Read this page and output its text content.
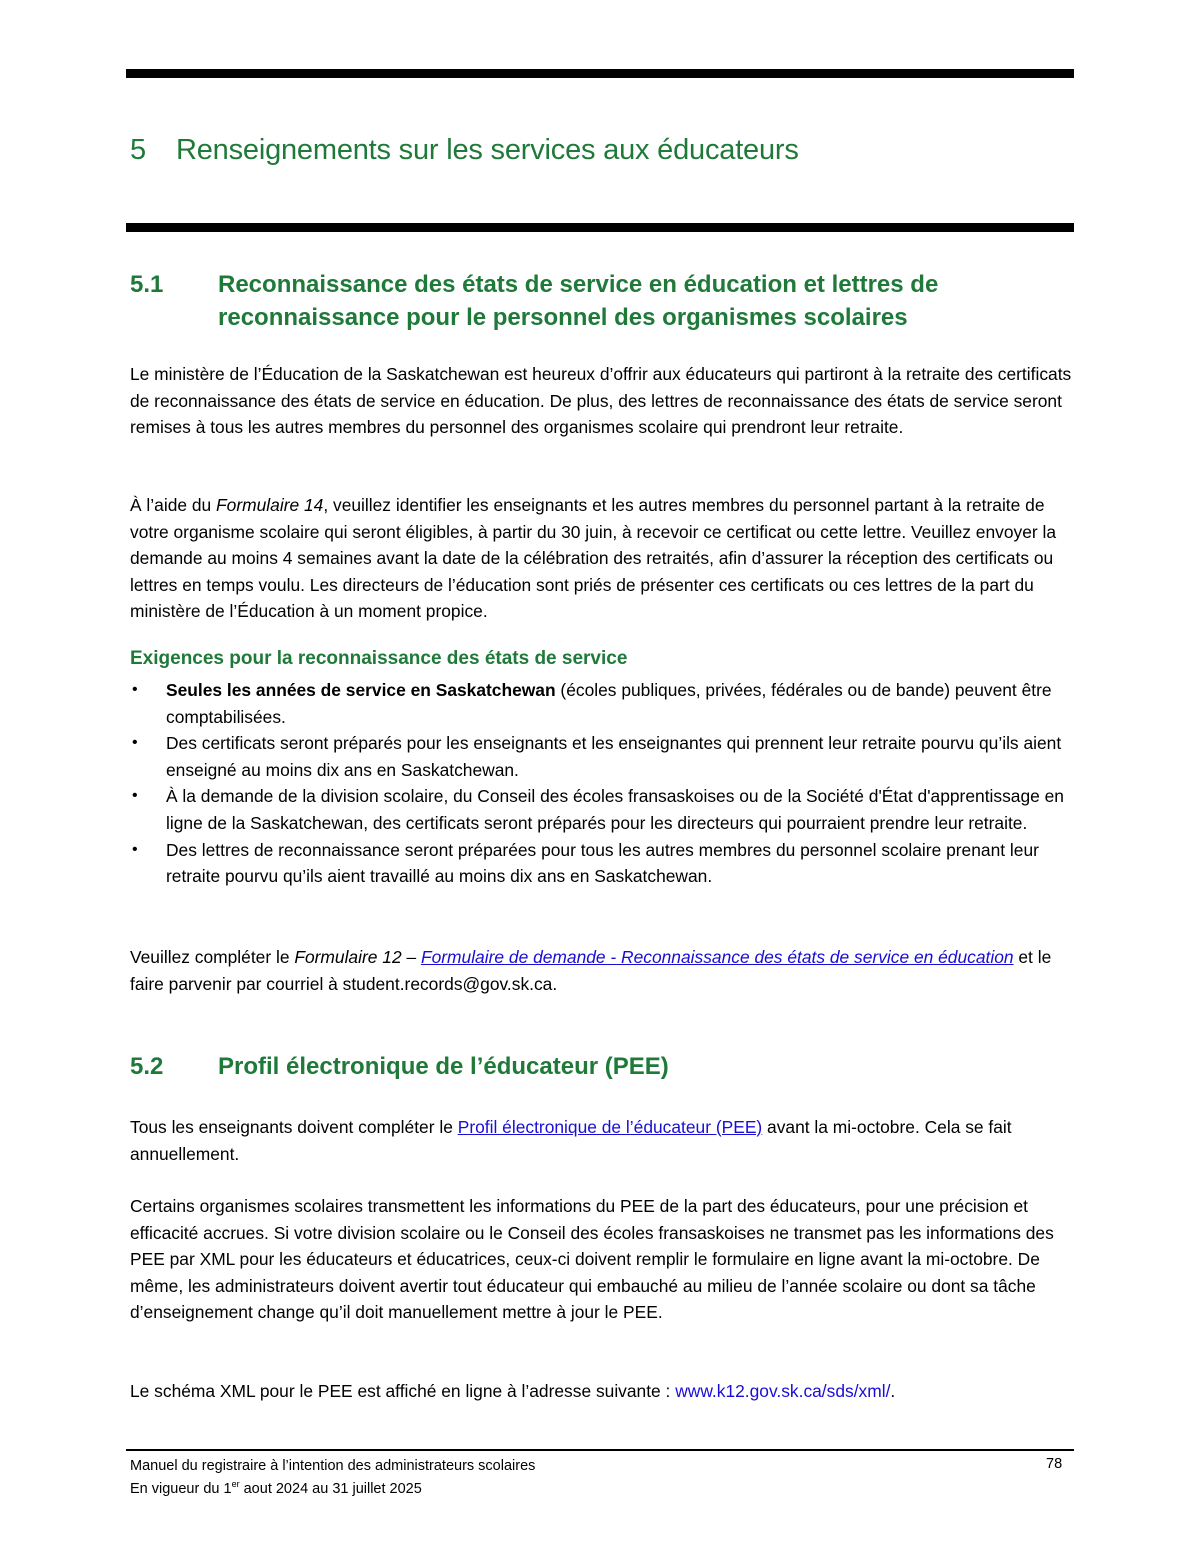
5 Renseignements sur les services aux éducateurs
5.1 Reconnaissance des états de service en éducation et lettres de reconnaissance pour le personnel des organismes scolaires

Le ministère de l’Éducation de la Saskatchewan est heureux d’offrir aux éducateurs qui partiront à la retraite des certificats de reconnaissance des états de service en éducation. De plus, des lettres de reconnaissance des états de service seront remises à tous les autres membres du personnel des organismes scolaire qui prendront leur retraite.

À l’aide du Formulaire 14, veuillez identifier les enseignants et les autres membres du personnel partant à la retraite de votre organisme scolaire qui seront éligibles, à partir du 30 juin, à recevoir ce certificat ou cette lettre. Veuillez envoyer la demande au moins 4 semaines avant la date de la célébration des retraités, afin d’assurer la réception des certificats ou lettres en temps voulu. Les directeurs de l’éducation sont priés de présenter ces certificats ou ces lettres de la part du ministère de l’Éducation à un moment propice.

Exigences pour la reconnaissance des états de service
• Seules les années de service en Saskatchewan (écoles publiques, privées, fédérales ou de bande) peuvent être comptabilisées.
• Des certificats seront préparés pour les enseignants et les enseignantes qui prennent leur retraite pourvu qu’ils aient enseigné au moins dix ans en Saskatchewan.
• À la demande de la division scolaire, du Conseil des écoles fransaskoises ou de la Société d'État d'apprentissage en ligne de la Saskatchewan, des certificats seront préparés pour les directeurs qui pourraient prendre leur retraite.
• Des lettres de reconnaissance seront préparées pour tous les autres membres du personnel scolaire prenant leur retraite pourvu qu’ils aient travaillé au moins dix ans en Saskatchewan.

Veuillez compléter le Formulaire 12 – Formulaire de demande - Reconnaissance des états de service en éducation et le faire parvenir par courriel à student.records@gov.sk.ca.

5.2 Profil électronique de l’éducateur (PEE)

Tous les enseignants doivent compléter le Profil électronique de l’éducateur (PEE) avant la mi-octobre. Cela se fait annuellement.

Certains organismes scolaires transmettent les informations du PEE de la part des éducateurs, pour une précision et efficacité accrues. Si votre division scolaire ou le Conseil des écoles fransaskoises ne transmet pas les informations des PEE par XML pour les éducateurs et éducatrices, ceux-ci doivent remplir le formulaire en ligne avant la mi-octobre. De même, les administrateurs doivent avertir tout éducateur qui embauché au milieu de l’année scolaire ou dont sa tâche d’enseignement change qu’il doit manuellement mettre à jour le PEE.

Le schéma XML pour le PEE est affiché en ligne à l’adresse suivante : www.k12.gov.sk.ca/sds/xml/.

Manuel du registraire à l’intention des administrateurs scolaires
En vigueur du 1er aout 2024 au 31 juillet 2025
78
